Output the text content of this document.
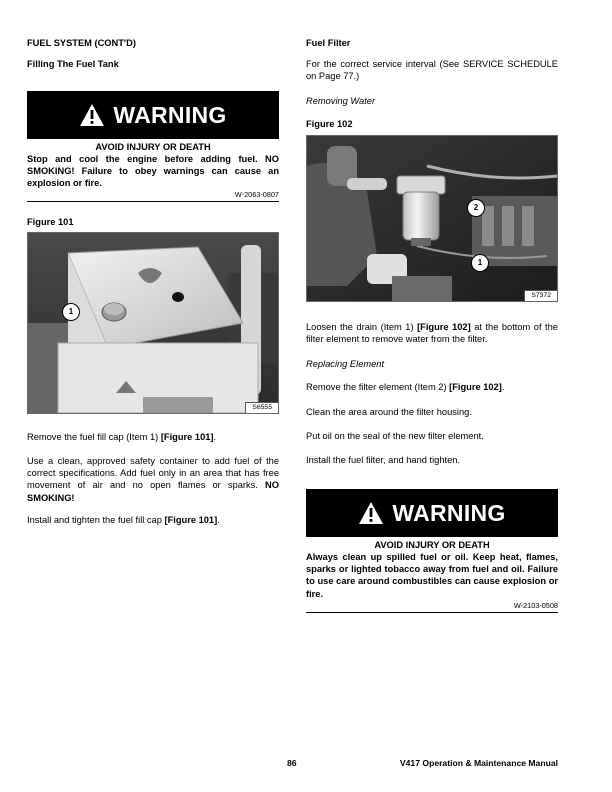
FUEL SYSTEM (CONT'D)
Filling The Fuel Tank
WARNING
AVOID INJURY OR DEATH
Stop and cool the engine before adding fuel. NO SMOKING! Failure to obey warnings can cause an explosion or fire.
W-2063-0807
Figure 101
1
S6555
Remove the fuel fill cap (Item 1) [Figure 101].
Use a clean, approved safety container to add fuel of the correct specifications. Add fuel only in an area that has free movement of air and no open flames or sparks. NO SMOKING!
Install and tighten the fuel fill cap [Figure 101].
Fuel Filter
For the correct service interval (See SERVICE SCHEDULE on Page 77.)
Removing Water
Figure 102
2
1
S7372
Loosen the drain (Item 1) [Figure 102] at the bottom of the filter element to remove water from the filter.
Replacing Element
Remove the filter element (Item 2) [Figure 102].
Clean the area around the filter housing.
Put oil on the seal of the new filter element.
Install the fuel filter, and hand tighten.
WARNING
AVOID INJURY OR DEATH
Always clean up spilled fuel or oil. Keep heat, flames, sparks or lighted tobacco away from fuel and oil. Failure to use care around combustibles can cause explosion or fire.
W-2103-0508
86	V417 Operation & Maintenance Manual
